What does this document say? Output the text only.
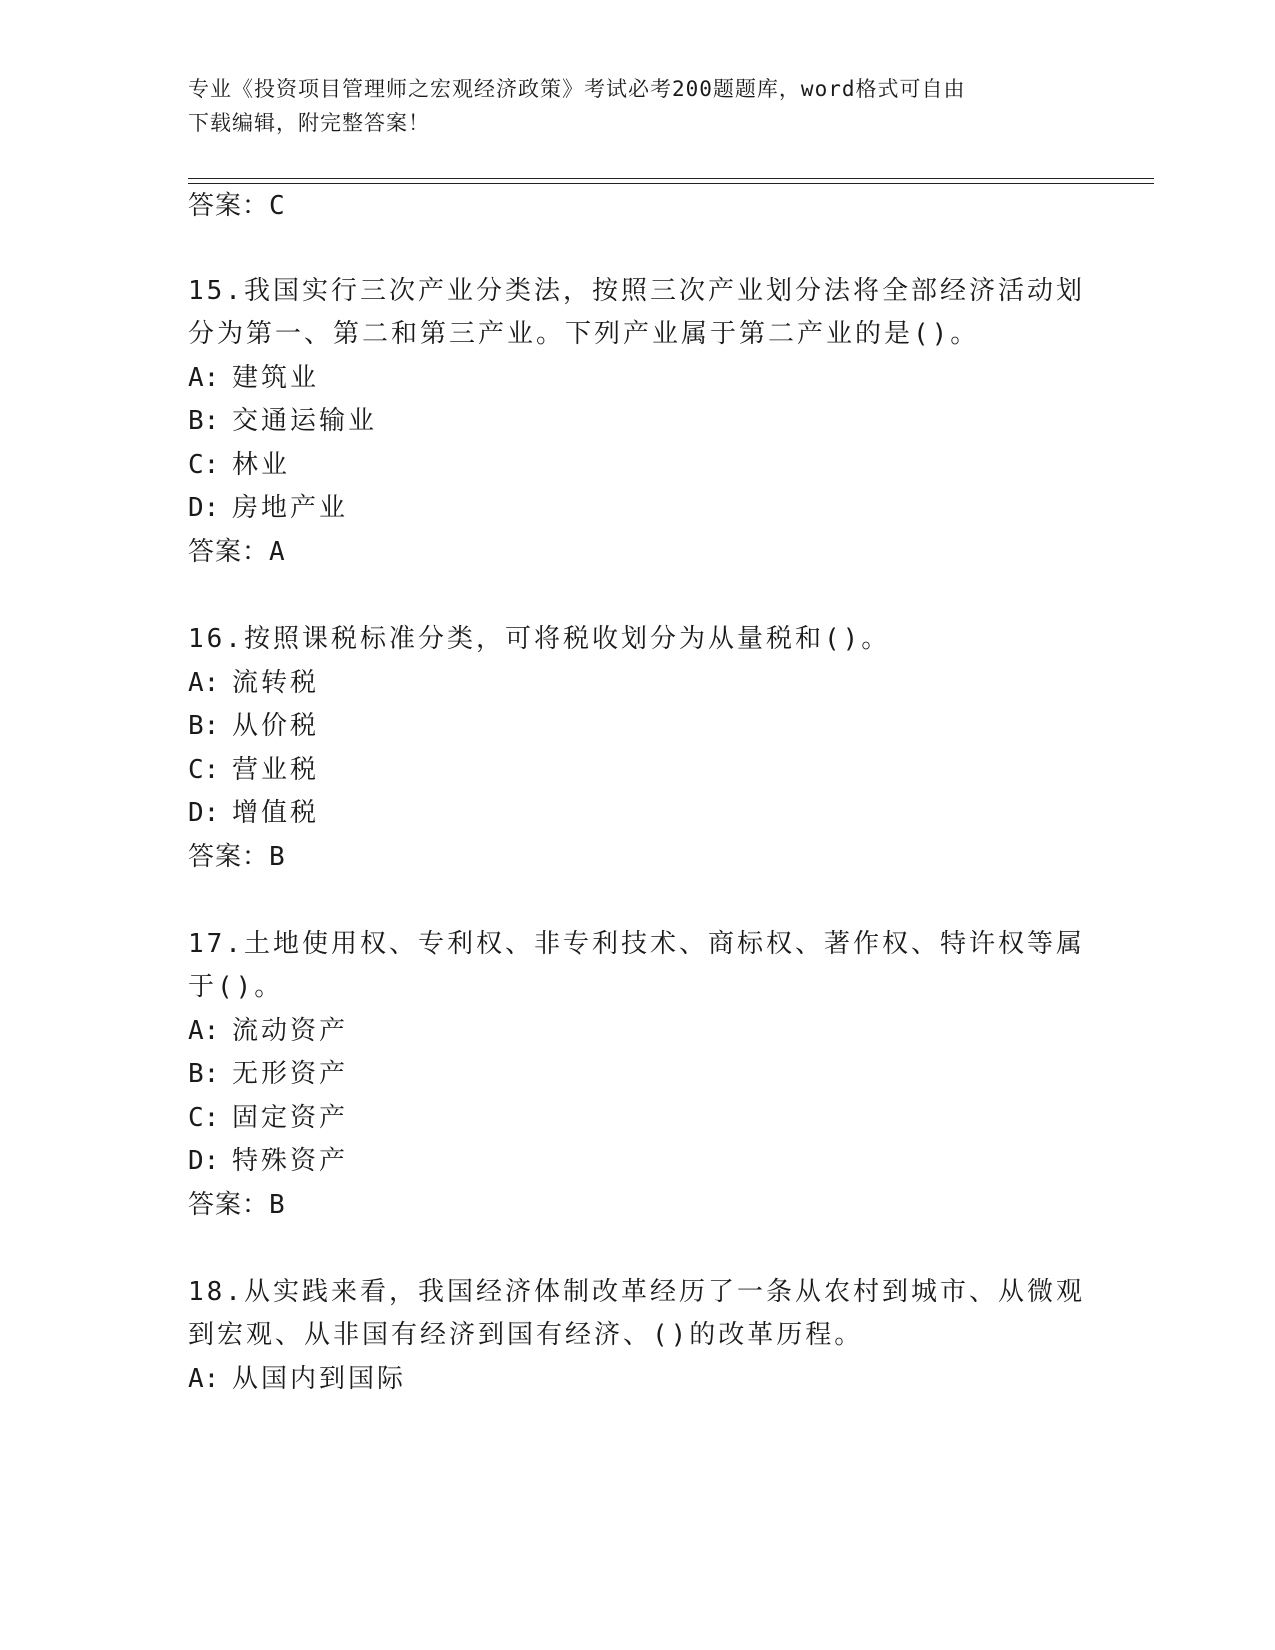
专业《投资项目管理师之宏观经济政策》考试必考200题题库，word格式可自由
下载编辑，附完整答案！
答案：C
15.我国实行三次产业分类法，按照三次产业划分法将全部经济活动划
分为第一、第二和第三产业。下列产业属于第二产业的是()。
A: 建筑业
B: 交通运输业
C: 林业
D: 房地产业
答案：A
16.按照课税标准分类，可将税收划分为从量税和()。
A: 流转税
B: 从价税
C: 营业税
D: 增值税
答案：B
17.土地使用权、专利权、非专利技术、商标权、著作权、特许权等属
于()。
A: 流动资产
B: 无形资产
C: 固定资产
D: 特殊资产
答案：B
18.从实践来看，我国经济体制改革经历了一条从农村到城市、从微观
到宏观、从非国有经济到国有经济、()的改革历程。
A: 从国内到国际
